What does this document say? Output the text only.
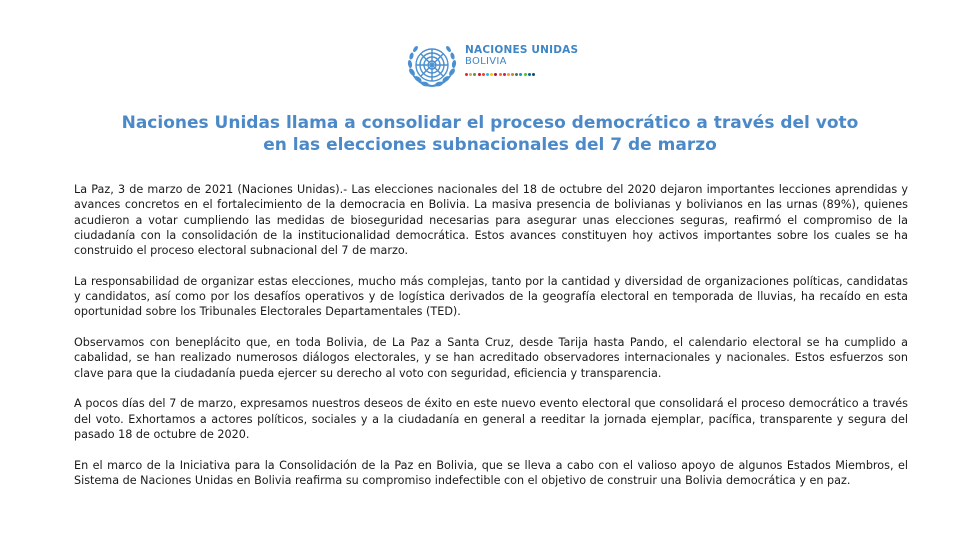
NACIONES UNIDAS
BOLIVIA
Naciones Unidas llama a consolidar el proceso democrático a través del voto
en las elecciones subnacionales del 7 de marzo

La Paz, 3 de marzo de 2021 (Naciones Unidas).- Las elecciones nacionales del 18 de octubre del 2020 dejaron importantes lecciones aprendidas y avances concretos en el fortalecimiento de la democracia en Bolivia. La masiva presencia de bolivianas y bolivianos en las urnas (89%), quienes acudieron a votar cumpliendo las medidas de bioseguridad necesarias para asegurar unas elecciones seguras, reafirmó el compromiso de la ciudadanía con la consolidación de la institucionalidad democrática. Estos avances constituyen hoy activos importantes sobre los cuales se ha construido el proceso electoral subnacional del 7 de marzo.

La responsabilidad de organizar estas elecciones, mucho más complejas, tanto por la cantidad y diversidad de organizaciones políticas, candidatas y candidatos, así como por los desafíos operativos y de logística derivados de la geografía electoral en temporada de lluvias, ha recaído en esta oportunidad sobre los Tribunales Electorales Departamentales (TED).

Observamos con beneplácito que, en toda Bolivia, de La Paz a Santa Cruz, desde Tarija hasta Pando, el calendario electoral se ha cumplido a cabalidad, se han realizado numerosos diálogos electorales, y se han acreditado observadores internacionales y nacionales. Estos esfuerzos son clave para que la ciudadanía pueda ejercer su derecho al voto con seguridad, eficiencia y transparencia.

A pocos días del 7 de marzo, expresamos nuestros deseos de éxito en este nuevo evento electoral que consolidará el proceso democrático a través del voto. Exhortamos a actores políticos, sociales y a la ciudadanía en general a reeditar la jornada ejemplar, pacífica, transparente y segura del pasado 18 de octubre de 2020.

En el marco de la Iniciativa para la Consolidación de la Paz en Bolivia, que se lleva a cabo con el valioso apoyo de algunos Estados Miembros, el Sistema de Naciones Unidas en Bolivia reafirma su compromiso indefectible con el objetivo de construir una Bolivia democrática y en paz.
